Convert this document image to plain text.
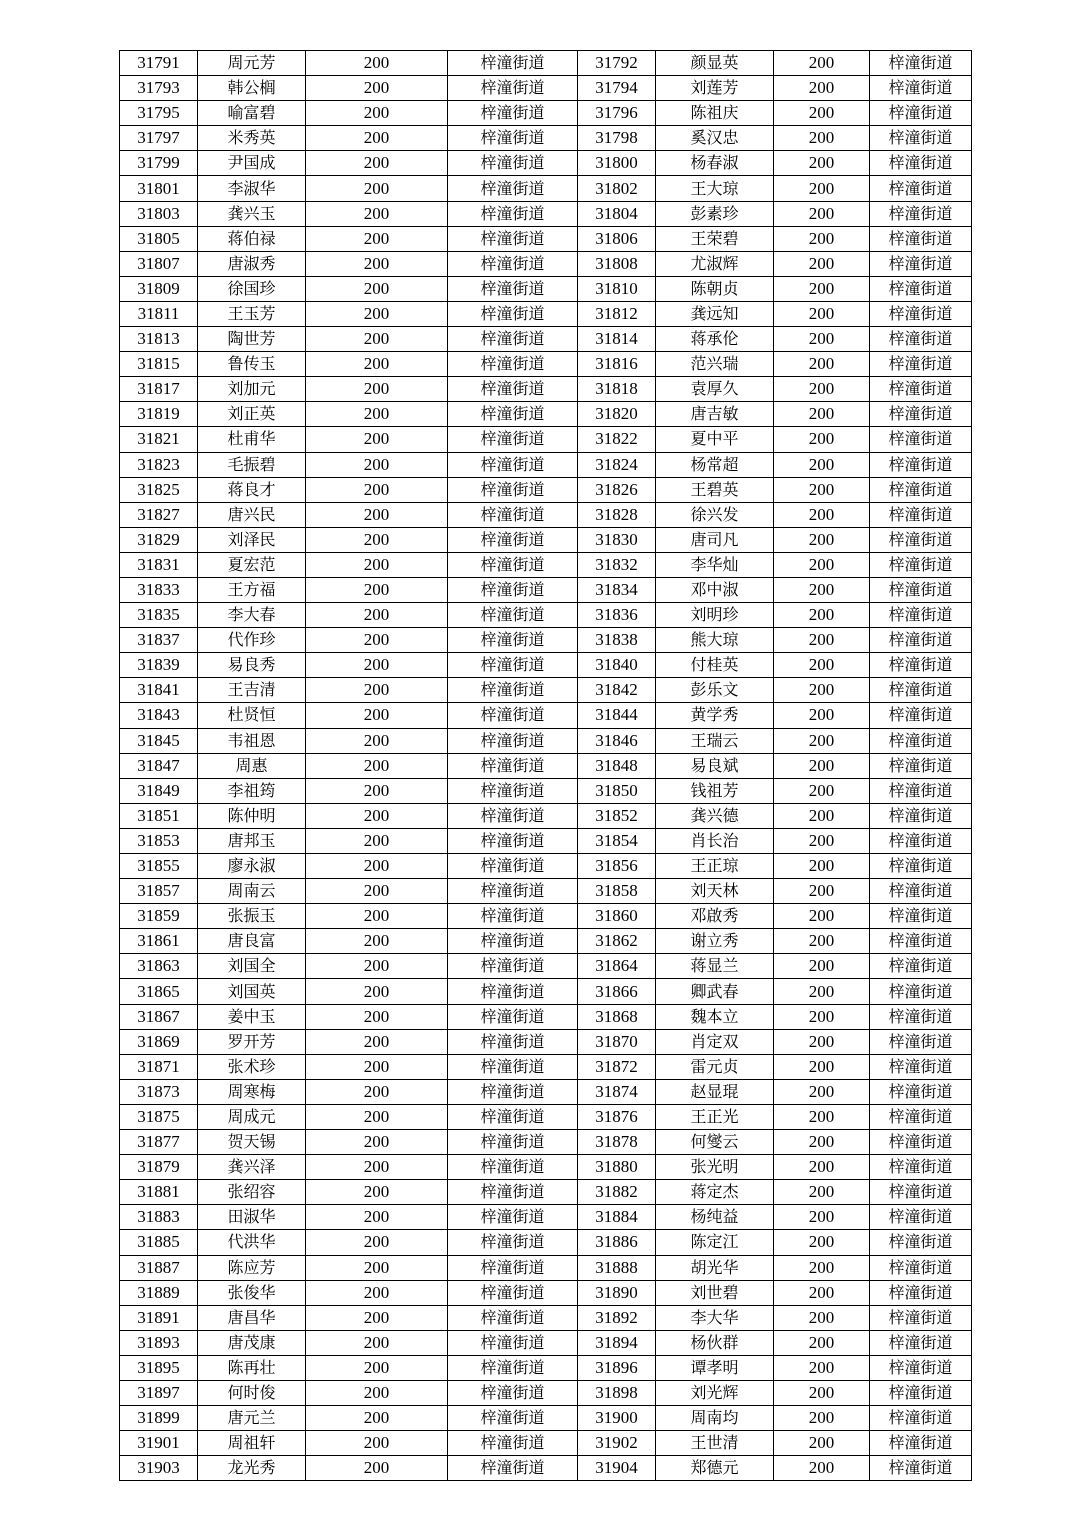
31791	周元芳	200	梓潼街道	31792	颜显英	200	梓潼街道
31793	韩公榈	200	梓潼街道	31794	刘莲芳	200	梓潼街道
31795	喻富碧	200	梓潼街道	31796	陈祖庆	200	梓潼街道
31797	米秀英	200	梓潼街道	31798	奚汉忠	200	梓潼街道
31799	尹国成	200	梓潼街道	31800	杨春淑	200	梓潼街道
31801	李淑华	200	梓潼街道	31802	王大琼	200	梓潼街道
31803	龚兴玉	200	梓潼街道	31804	彭素珍	200	梓潼街道
31805	蒋伯禄	200	梓潼街道	31806	王荣碧	200	梓潼街道
31807	唐淑秀	200	梓潼街道	31808	尤淑辉	200	梓潼街道
31809	徐国珍	200	梓潼街道	31810	陈朝贞	200	梓潼街道
31811	王玉芳	200	梓潼街道	31812	龚远知	200	梓潼街道
31813	陶世芳	200	梓潼街道	31814	蒋承伦	200	梓潼街道
31815	鲁传玉	200	梓潼街道	31816	范兴瑞	200	梓潼街道
31817	刘加元	200	梓潼街道	31818	袁厚久	200	梓潼街道
31819	刘正英	200	梓潼街道	31820	唐吉敏	200	梓潼街道
31821	杜甫华	200	梓潼街道	31822	夏中平	200	梓潼街道
31823	毛振碧	200	梓潼街道	31824	杨常超	200	梓潼街道
31825	蒋良才	200	梓潼街道	31826	王碧英	200	梓潼街道
31827	唐兴民	200	梓潼街道	31828	徐兴发	200	梓潼街道
31829	刘泽民	200	梓潼街道	31830	唐司凡	200	梓潼街道
31831	夏宏范	200	梓潼街道	31832	李华灿	200	梓潼街道
31833	王方福	200	梓潼街道	31834	邓中淑	200	梓潼街道
31835	李大春	200	梓潼街道	31836	刘明珍	200	梓潼街道
31837	代作珍	200	梓潼街道	31838	熊大琼	200	梓潼街道
31839	易良秀	200	梓潼街道	31840	付桂英	200	梓潼街道
31841	王吉清	200	梓潼街道	31842	彭乐文	200	梓潼街道
31843	杜贤恒	200	梓潼街道	31844	黄学秀	200	梓潼街道
31845	韦祖恩	200	梓潼街道	31846	王瑞云	200	梓潼街道
31847	周惠	200	梓潼街道	31848	易良斌	200	梓潼街道
31849	李祖筠	200	梓潼街道	31850	钱祖芳	200	梓潼街道
31851	陈仲明	200	梓潼街道	31852	龚兴德	200	梓潼街道
31853	唐邦玉	200	梓潼街道	31854	肖长治	200	梓潼街道
31855	廖永淑	200	梓潼街道	31856	王正琼	200	梓潼街道
31857	周南云	200	梓潼街道	31858	刘天林	200	梓潼街道
31859	张振玉	200	梓潼街道	31860	邓啟秀	200	梓潼街道
31861	唐良富	200	梓潼街道	31862	谢立秀	200	梓潼街道
31863	刘国全	200	梓潼街道	31864	蒋显兰	200	梓潼街道
31865	刘国英	200	梓潼街道	31866	卿武春	200	梓潼街道
31867	姜中玉	200	梓潼街道	31868	魏本立	200	梓潼街道
31869	罗开芳	200	梓潼街道	31870	肖定双	200	梓潼街道
31871	张术珍	200	梓潼街道	31872	雷元贞	200	梓潼街道
31873	周寒梅	200	梓潼街道	31874	赵显琨	200	梓潼街道
31875	周成元	200	梓潼街道	31876	王正光	200	梓潼街道
31877	贺天锡	200	梓潼街道	31878	何燮云	200	梓潼街道
31879	龚兴泽	200	梓潼街道	31880	张光明	200	梓潼街道
31881	张绍容	200	梓潼街道	31882	蒋定杰	200	梓潼街道
31883	田淑华	200	梓潼街道	31884	杨纯益	200	梓潼街道
31885	代洪华	200	梓潼街道	31886	陈定江	200	梓潼街道
31887	陈应芳	200	梓潼街道	31888	胡光华	200	梓潼街道
31889	张俊华	200	梓潼街道	31890	刘世碧	200	梓潼街道
31891	唐昌华	200	梓潼街道	31892	李大华	200	梓潼街道
31893	唐茂康	200	梓潼街道	31894	杨伙群	200	梓潼街道
31895	陈再壮	200	梓潼街道	31896	谭孝明	200	梓潼街道
31897	何时俊	200	梓潼街道	31898	刘光辉	200	梓潼街道
31899	唐元兰	200	梓潼街道	31900	周南均	200	梓潼街道
31901	周祖轩	200	梓潼街道	31902	王世清	200	梓潼街道
31903	龙光秀	200	梓潼街道	31904	郑德元	200	梓潼街道
